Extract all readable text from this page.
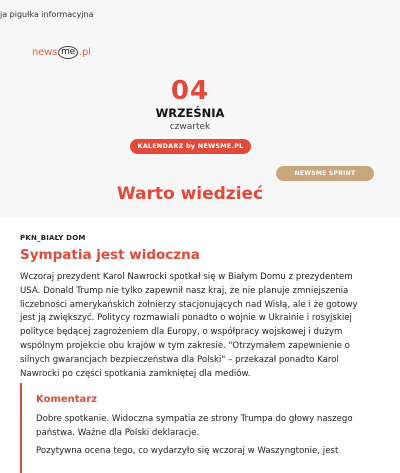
ja pigułka informacyjna
news me .pl
04
WRZEŚNIA
czwartek
KALENDARZ by NEWSME.PL
NEWSME SPRINT
Warto wiedzieć
PKN_BIAŁY DOM
Sympatia jest widoczna
Wczoraj prezydent Karol Nawrocki spotkał się w Białym Domu z prezydentem USA. Donald Trump nie tylko zapewnił nasz kraj, że nie planuje zmniejszenia liczebności amerykańskich żołnierzy stacjonujących nad Wisłą, ale i że gotowy jest ją zwiększyć. Politycy rozmawiali ponadto o wojnie w Ukrainie i rosyjskiej polityce będącej zagrożeniem dla Europy, o współpracy wojskowej i dużym wspólnym projekcie obu krajów w tym zakresie. "Otrzymałem zapewnienie o silnych gwarancjach bezpieczeństwa dla Polski" – przekazał ponadto Karol Nawrocki po części spotkania zamkniętej dla mediów.
Komentarz
Dobre spotkanie. Widoczna sympatia ze strony Trumpa do głowy naszego państwa. Ważne dla Polski deklaracje.
Pozytywna ocena tego, co wydarzyło się wczoraj w Waszyngtonie, jest
